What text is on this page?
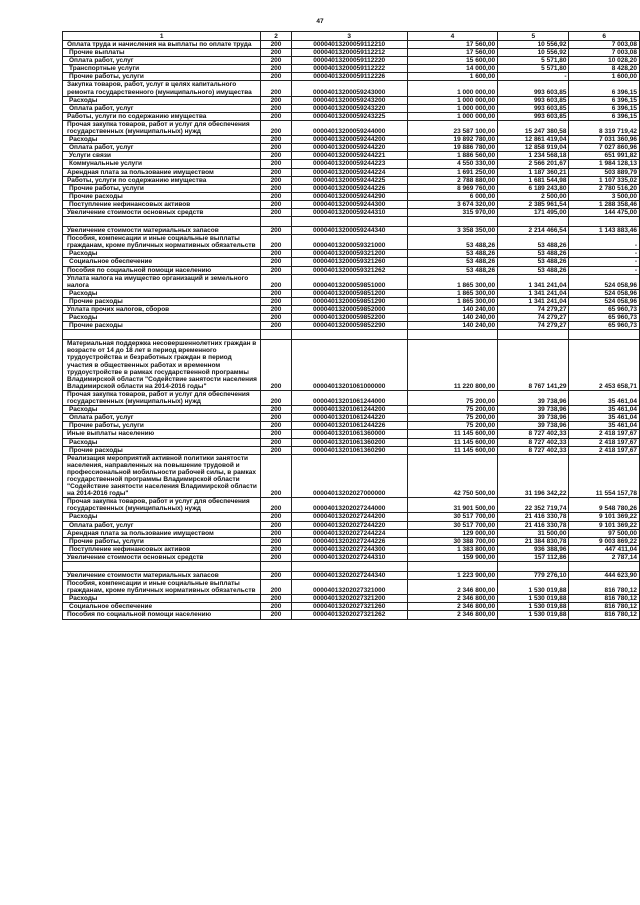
47
1	2	3	4	5	6
Оплата труда и начисления на выплаты по оплате труда	200	00004013200059112210	17 560,00	10 556,92	7 003,08
Прочие выплаты	200	00004013200059112212	17 560,00	10 556,92	7 003,08
Оплата работ, услуг	200	00004013200059112220	15 600,00	5 571,80	10 028,20
Транспортные услуги	200	00004013200059112222	14 000,00	5 571,80	8 428,20
Прочие работы, услуги	200	00004013200059112226	1 600,00	-	1 600,00
Закупка товаров, работ, услуг в целях капитального ремонта государственного (муниципального) имущества	200	00004013200059243000	1 000 000,00	993 603,85	6 396,15
Расходы	200	00004013200059243200	1 000 000,00	993 603,85	6 396,15
Оплата работ, услуг	200	00004013200059243220	1 000 000,00	993 603,85	6 396,15
Работы, услуги по содержанию имущества	200	00004013200059243225	1 000 000,00	993 603,85	6 396,15
Прочая закупка товаров, работ и услуг для обеспечения государственных (муниципальных) нужд	200	00004013200059244000	23 587 100,00	15 247 380,58	8 319 719,42
Расходы	200	00004013200059244200	19 892 780,00	12 861 419,04	7 031 360,96
Оплата работ, услуг	200	00004013200059244220	19 886 780,00	12 858 919,04	7 027 860,96
Услуги связи	200	00004013200059244221	1 886 560,00	1 234 568,18	651 991,82
Коммунальные услуги	200	00004013200059244223	4 550 330,00	2 566 201,67	1 984 128,13
Арендная плата за пользование имуществом	200	00004013200059244224	1 691 250,00	1 187 360,21	503 889,79
Работы, услуги по содержанию имущества	200	00004013200059244225	2 788 880,00	1 681 544,98	1 107 335,02
Прочие работы, услуги	200	00004013200059244226	8 969 760,00	6 189 243,80	2 780 516,20
Прочие расходы	200	00004013200059244290	6 000,00	2 500,00	3 500,00
Поступление нефинансовых активов	200	00004013200059244300	3 674 320,00	2 385 961,54	1 288 358,46
Увеличение стоимости основных средств	200	00004013200059244310	315 970,00	171 495,00	144 475,00

Увеличение стоимости материальных запасов	200	00004013200059244340	3 358 350,00	2 214 466,54	1 143 883,46
Пособия, компенсации и иные социальные выплаты гражданам, кроме публичных нормативных обязательств	200	00004013200059321000	53 488,26	53 488,26	-
Расходы	200	00004013200059321200	53 488,26	53 488,26	-
Социальное обеспечение	200	00004013200059321260	53 488,26	53 488,26	-
Пособия по социальной помощи населению	200	00004013200059321262	53 488,26	53 488,26	-
Уплата налога на имущество организаций и земельного налога	200	00004013200059851000	1 865 300,00	1 341 241,04	524 058,96
Расходы	200	00004013200059851200	1 865 300,00	1 341 241,04	524 058,96
Прочие расходы	200	00004013200059851290	1 865 300,00	1 341 241,04	524 058,96
Уплата прочих налогов, сборов	200	00004013200059852000	140 240,00	74 279,27	65 960,73
Расходы	200	00004013200059852200	140 240,00	74 279,27	65 960,73
Прочие расходы	200	00004013200059852290	140 240,00	74 279,27	65 960,73

Материальная поддержка несовершеннолетних граждан в возрасте от 14 до 18 лет в период временного трудоустройства и безработных граждан в период участия в общественных работах и временном трудоустройстве в рамках государственной программы Владимирской области "Содействие занятости населения Владимирской области на 2014-2016 годы"	200	00004013201061000000	11 220 800,00	8 767 141,29	2 453 658,71
Прочая закупка товаров, работ и услуг для обеспечения государственных (муниципальных) нужд	200	00004013201061244000	75 200,00	39 738,96	35 461,04
Расходы	200	00004013201061244200	75 200,00	39 738,96	35 461,04
Оплата работ, услуг	200	00004013201061244220	75 200,00	39 738,96	35 461,04
Прочие работы, услуги	200	00004013201061244226	75 200,00	39 738,96	35 461,04
Иные выплаты населению	200	00004013201061360000	11 145 600,00	8 727 402,33	2 418 197,67
Расходы	200	00004013201061360200	11 145 600,00	8 727 402,33	2 418 197,67
Прочие расходы	200	00004013201061360290	11 145 600,00	8 727 402,33	2 418 197,67
Реализация мероприятий активной политики занятости населения, направленных на повышение трудовой и профессиональной мобильности рабочей силы, в рамках государственной программы Владимирской области "Содействие занятости населения Владимирской области на 2014-2016 годы"	200	00004013202027000000	42 750 500,00	31 196 342,22	11 554 157,78
Прочая закупка товаров, работ и услуг для обеспечения государственных (муниципальных) нужд	200	00004013202027244000	31 901 500,00	22 352 719,74	9 548 780,26
Расходы	200	00004013202027244200	30 517 700,00	21 416 330,78	9 101 369,22
Оплата работ, услуг	200	00004013202027244220	30 517 700,00	21 416 330,78	9 101 369,22
Арендная плата за пользование имуществом	200	00004013202027244224	129 000,00	31 500,00	97 500,00
Прочие работы, услуги	200	00004013202027244226	30 388 700,00	21 384 830,78	9 003 869,22
Поступление нефинансовых активов	200	00004013202027244300	1 383 800,00	936 388,96	447 411,04
Увеличение стоимости основных средств	200	00004013202027244310	159 900,00	157 112,86	2 787,14

Увеличение стоимости материальных запасов	200	00004013202027244340	1 223 900,00	779 276,10	444 623,90
Пособия, компенсации и иные социальные выплаты гражданам, кроме публичных нормативных обязательств	200	00004013202027321000	2 346 800,00	1 530 019,88	816 780,12
Расходы	200	00004013202027321200	2 346 800,00	1 530 019,88	816 780,12
Социальное обеспечение	200	00004013202027321260	2 346 800,00	1 530 019,88	816 780,12
Пособия по социальной помощи населению	200	00004013202027321262	2 346 800,00	1 530 019,88	816 780,12
